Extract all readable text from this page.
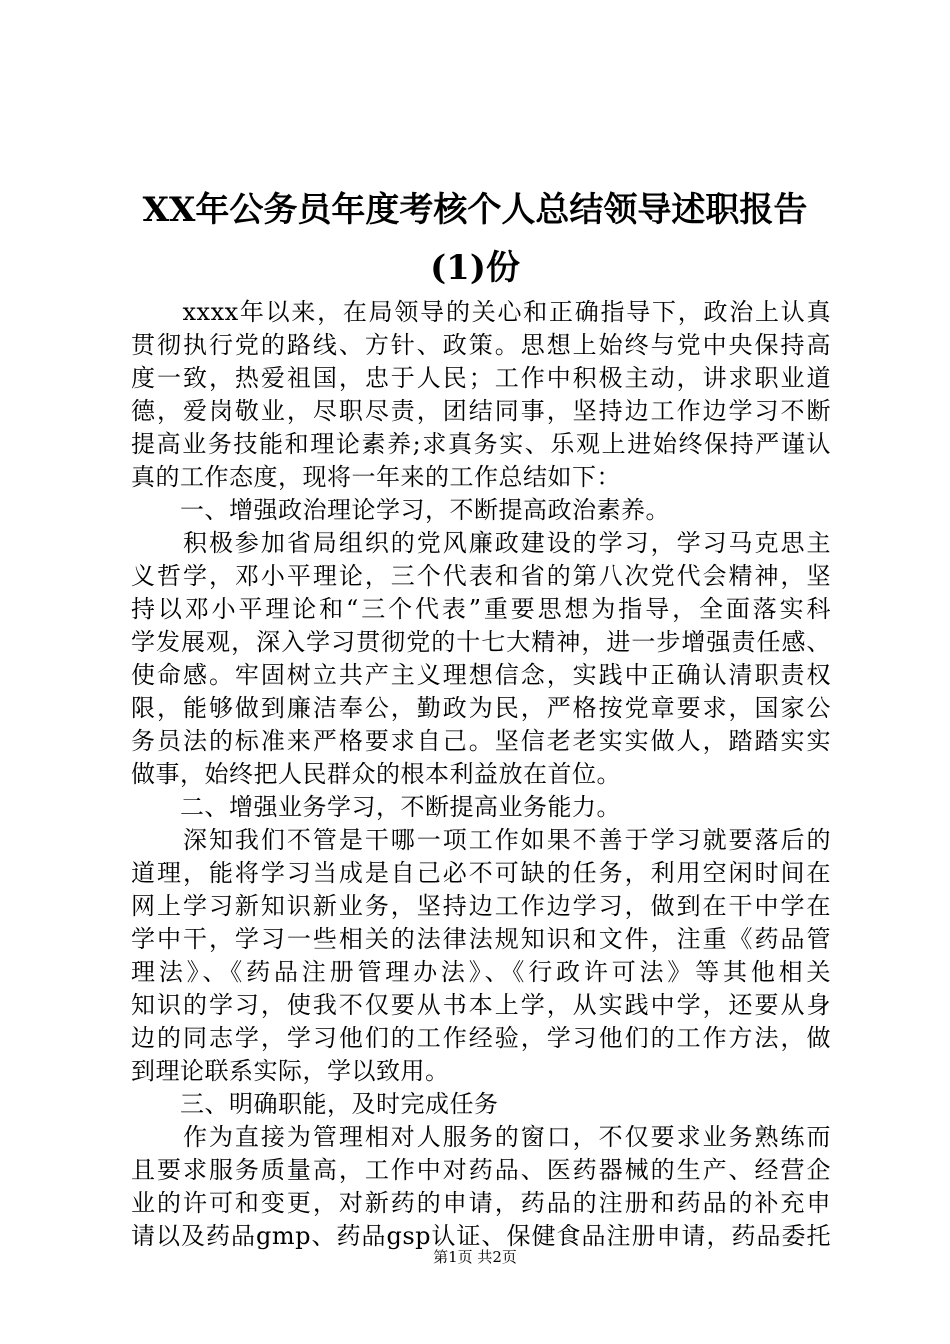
XX年公务员年度考核个人总结领导述职报告
(1)份
　　xxxx年以来，在局领导的关心和正确指导下，政治上认真
贯彻执行党的路线、方针、政策。思想上始终与党中央保持高
度一致，热爱祖国，忠于人民；工作中积极主动，讲求职业道
德，爱岗敬业，尽职尽责，团结同事，坚持边工作边学习不断
提高业务技能和理论素养;求真务实、乐观上进始终保持严谨认
真的工作态度，现将一年来的工作总结如下：
　　一、增强政治理论学习，不断提高政治素养。
　　积极参加省局组织的党风廉政建设的学习，学习马克思主
义哲学，邓小平理论，三个代表和省的第八次党代会精神，坚
持以邓小平理论和“三个代表”重要思想为指导，全面落实科
学发展观，深入学习贯彻党的十七大精神，进一步增强责任感、
使命感。牢固树立共产主义理想信念，实践中正确认清职责权
限，能够做到廉洁奉公，勤政为民，严格按党章要求，国家公
务员法的标准来严格要求自己。坚信老老实实做人，踏踏实实
做事，始终把人民群众的根本利益放在首位。
　　二、增强业务学习，不断提高业务能力。
　　深知我们不管是干哪一项工作如果不善于学习就要落后的
道理，能将学习当成是自己必不可缺的任务，利用空闲时间在
网上学习新知识新业务，坚持边工作边学习，做到在干中学在
学中干，学习一些相关的法律法规知识和文件，注重《药品管
理法》、《药品注册管理办法》、《行政许可法》等其他相关
知识的学习，使我不仅要从书本上学，从实践中学，还要从身
边的同志学，学习他们的工作经验，学习他们的工作方法，做
到理论联系实际，学以致用。
　　三、明确职能，及时完成任务
　　作为直接为管理相对人服务的窗口，不仅要求业务熟练而
且要求服务质量高，工作中对药品、医药器械的生产、经营企
业的许可和变更，对新药的申请，药品的注册和药品的补充申
请以及药品gmp、药品gsp认证、保健食品注册申请，药品委托
第1页 共2页
